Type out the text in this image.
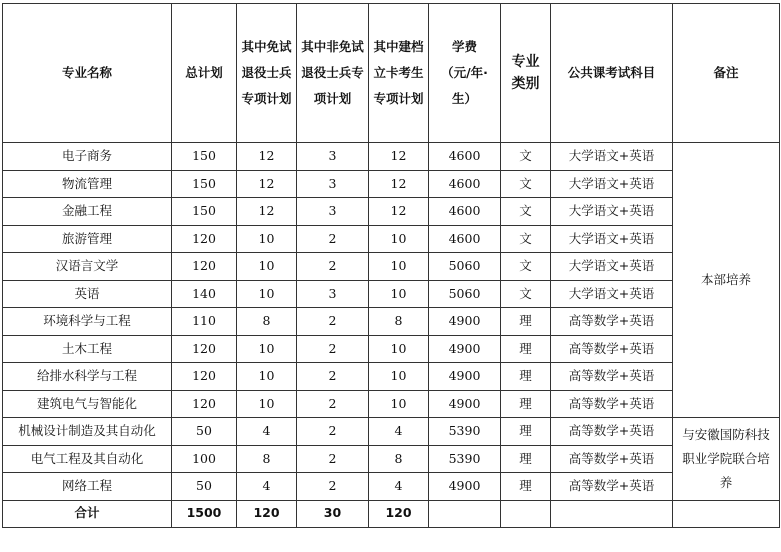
专业名称	总计划	其中免试退役士兵专项计划	其中非免试退役士兵专项计划	其中建档立卡考生专项计划	学费（元/年·生）	专业类别	公共课考试科目	备注

电子商务	150	12	3	12	4600	文	大学语文+英语	本部培养
物流管理	150	12	3	12	4600	文	大学语文+英语	
金融工程	150	12	3	12	4600	文	大学语文+英语	
旅游管理	120	10	2	10	4600	文	大学语文+英语	
汉语言文学	120	10	2	10	5060	文	大学语文+英语	
英语	140	10	3	10	5060	文	大学语文+英语	
环境科学与工程	110	8	2	8	4900	理	高等数学+英语	
土木工程	120	10	2	10	4900	理	高等数学+英语	
给排水科学与工程	120	10	2	10	4900	理	高等数学+英语	
建筑电气与智能化	120	10	2	10	4900	理	高等数学+英语	
机械设计制造及其自动化	50	4	2	4	5390	理	高等数学+英语	与安徽国防科技职业学院联合培养

电气工程及其自动化	100	8	2	8	5390	理	高等数学+英语	
网络工程	50	4	2	4	4900	理	高等数学+英语	
合计	1500	120	30	120				
